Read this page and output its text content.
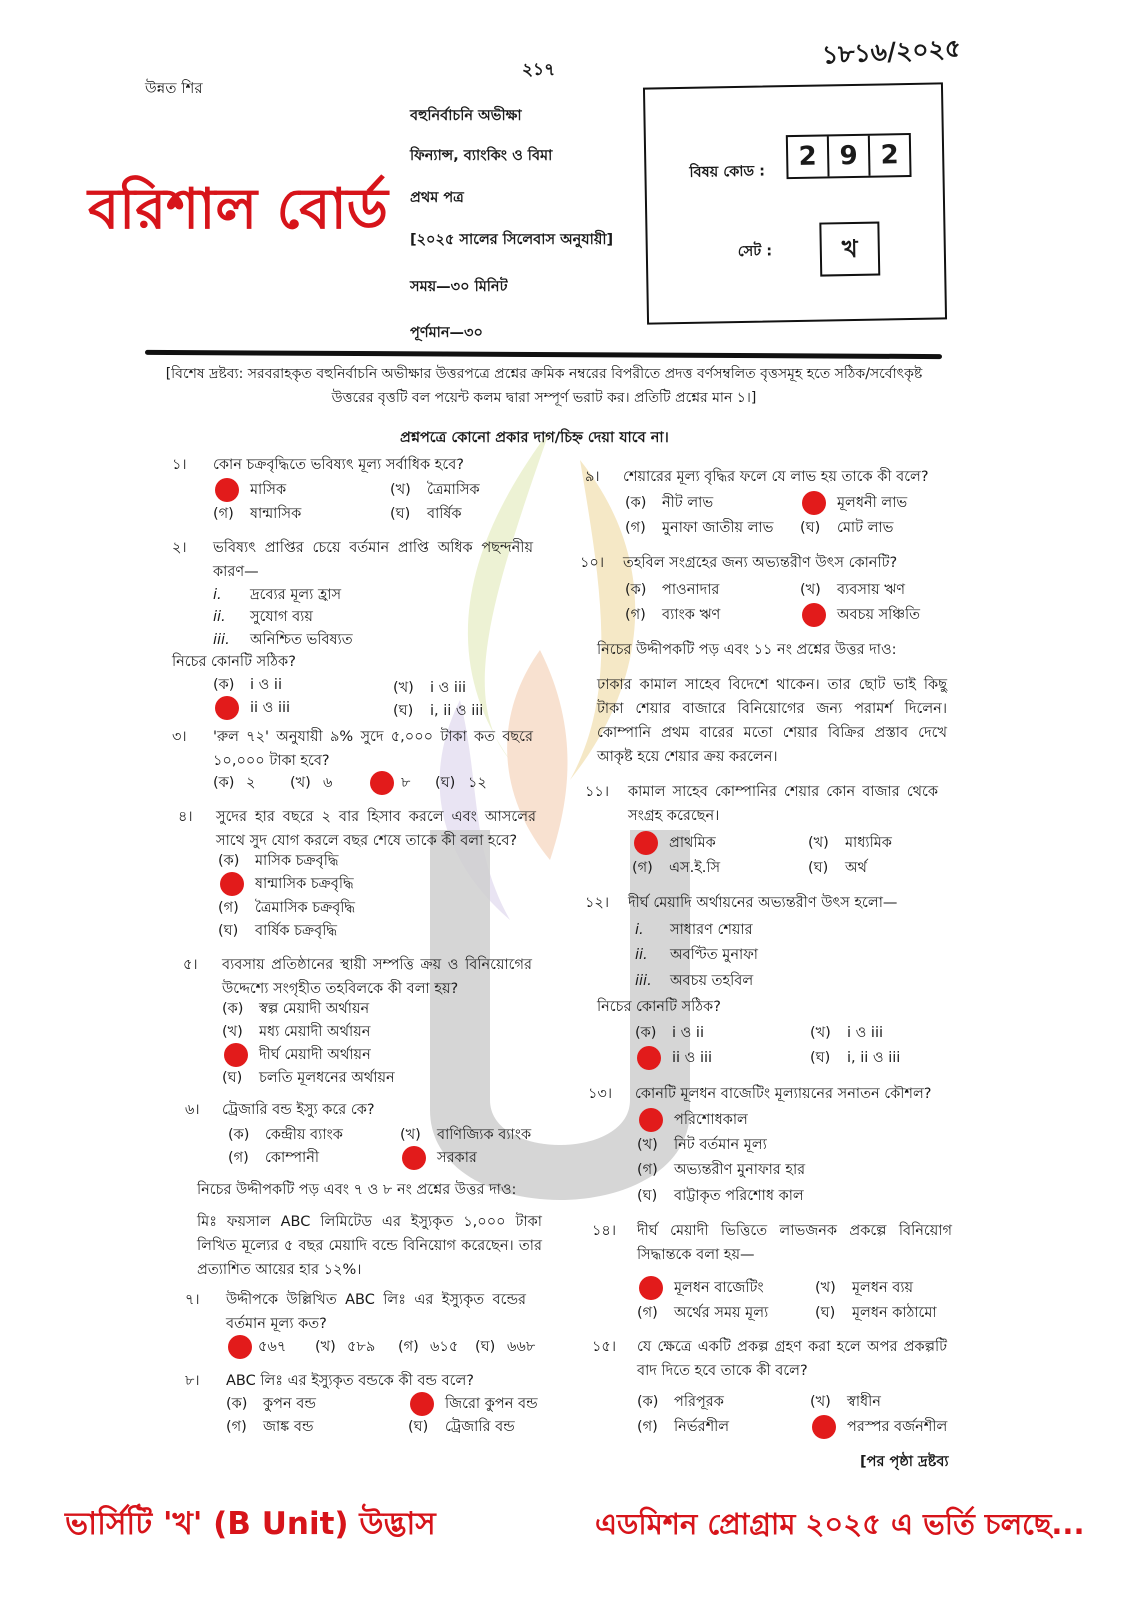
উন্নত শির
২১৭
১৮১৬/২০২৫
বরিশাল বোর্ড
বহুনির্বাচনি অভীক্ষা
ফিন্যান্স, ব্যাংকিং ও বিমা
প্রথম পত্র
[২০২৫ সালের সিলেবাস অনুযায়ী]
সময়—৩০ মিনিট
পূর্ণমান—৩০
বিষয় কোড :
2 9 2
সেট :	খ
[বিশেষ দ্রষ্টব্য: সরবরাহকৃত বহুনির্বাচনি অভীক্ষার উত্তরপত্রে প্রশ্নের ক্রমিক নম্বরের বিপরীতে প্রদত্ত বর্ণসম্বলিত বৃত্তসমূহ হতে সঠিক/সর্বোৎকৃষ্ট উত্তরের বৃত্তটি বল পয়েন্ট কলম দ্বারা সম্পূর্ণ ভরাট কর। প্রতিটি প্রশ্নের মান ১।]
প্রশ্নপত্রে কোনো প্রকার দাগ/চিহ্ন দেয়া যাবে না।
১। কোন চক্রবৃদ্ধিতে ভবিষ্যৎ মূল্য সর্বাধিক হবে?
মাসিক	(খ) ত্রৈমাসিক
(গ) ষান্মাসিক	(ঘ) বার্ষিক
২। ভবিষ্যৎ প্রাপ্তির চেয়ে বর্তমান প্রাপ্তি অধিক পছন্দনীয় কারণ—
i. দ্রব্যের মূল্য হ্রাস
ii. সুযোগ ব্যয়
iii. অনিশ্চিত ভবিষ্যত
নিচের কোনটি সঠিক?
(ক) i ও ii	(খ) i ও iii
ii ও iii	(ঘ) i, ii ও iii
৩। 'রুল ৭২' অনুযায়ী ৯% সুদে ৫,০০০ টাকা কত বছরে ১০,০০০ টাকা হবে?
(ক) ২ (খ) ৬	৮ (ঘ) ১২
৪। সুদের হার বছরে ২ বার হিসাব করলে এবং আসলের সাথে সুদ যোগ করলে বছর শেষে তাকে কী বলা হবে?
(ক) মাসিক চক্রবৃদ্ধি
ষান্মাসিক চক্রবৃদ্ধি
(গ) ত্রৈমাসিক চক্রবৃদ্ধি
(ঘ) বার্ষিক চক্রবৃদ্ধি
৫। ব্যবসায় প্রতিষ্ঠানের স্থায়ী সম্পত্তি ক্রয় ও বিনিয়োগের উদ্দেশ্যে সংগৃহীত তহবিলকে কী বলা হয়?
(ক) স্বল্প মেয়াদী অর্থায়ন
(খ) মধ্য মেয়াদী অর্থায়ন
দীর্ঘ মেয়াদী অর্থায়ন
(ঘ) চলতি মূলধনের অর্থায়ন
৬। ট্রেজারি বন্ড ইস্যু করে কে?
(ক) কেন্দ্রীয় ব্যাংক	(খ) বাণিজ্যিক ব্যাংক
(গ) কোম্পানী	সরকার
৭। উদ্দীপকে উল্লিখিত ABC লিঃ এর ইস্যুকৃত বন্ডের বর্তমান মূল্য কত?
৫৬৭ (খ) ৫৮৯ (গ) ৬১৫ (ঘ) ৬৬৮
৮। ABC লিঃ এর ইস্যুকৃত বন্ডকে কী বন্ড বলে?
(ক) কুপন বন্ড	জিরো কুপন বন্ড
(গ) জাঙ্ক বন্ড	(ঘ) ট্রেজারি বন্ড
৯। শেয়ারের মূল্য বৃদ্ধির ফলে যে লাভ হয় তাকে কী বলে?
(ক) নীট লাভ	মূলধনী লাভ
(গ) মুনাফা জাতীয় লাভ (ঘ) মোট লাভ
১০। তহবিল সংগ্রহের জন্য অভ্যন্তরীণ উৎস কোনটি?
(ক) পাওনাদার	(খ) ব্যবসায় ঋণ
(গ) ব্যাংক ঋণ	অবচয় সঞ্চিতি
১১। কামাল সাহেব কোম্পানির শেয়ার কোন বাজার থেকে সংগ্রহ করেছেন।
প্রাথমিক	(খ) মাধ্যমিক
(গ) এস.ই.সি	(ঘ) অর্থ
১২। দীর্ঘ মেয়াদি অর্থায়নের অভ্যন্তরীণ উৎস হলো—
i. সাধারণ শেয়ার
ii. অবণ্টিত মুনাফা
iii. অবচয় তহবিল
নিচের কোনটি সঠিক?
(ক) i ও ii	(খ) i ও iii
ii ও iii	(ঘ) i, ii ও iii
১৩। কোনটি মূলধন বাজেটিং মূল্যায়নের সনাতন কৌশল?
পরিশোধকাল
(খ) নিট বর্তমান মূল্য
(গ) অভ্যন্তরীণ মুনাফার হার
(ঘ) বাট্টাকৃত পরিশোধ কাল
১৪। দীর্ঘ মেয়াদী ভিত্তিতে লাভজনক প্রকল্পে বিনিয়োগ সিদ্ধান্তকে বলা হয়—
মূলধন বাজেটিং	(খ) মূলধন ব্যয়
(গ) অর্থের সময় মূল্য	(ঘ) মূলধন কাঠামো
১৫। যে ক্ষেত্রে একটি প্রকল্প গ্রহণ করা হলে অপর প্রকল্পটি বাদ দিতে হবে তাকে কী বলে?
(ক) পরিপূরক	(খ) স্বাধীন
(গ) নির্ভরশীল	পরস্পর বর্জনশীল
নিচের উদ্দীপকটি পড় এবং ৭ ও ৮ নং প্রশ্নের উত্তর দাও:
মিঃ ফয়সাল ABC লিমিটেড এর ইস্যুকৃত ১,০০০ টাকা লিখিত মূল্যের ৫ বছর মেয়াদি বন্ডে বিনিয়োগ করেছেন। তার প্রত্যাশিত আয়ের হার ১২%।
নিচের উদ্দীপকটি পড় এবং ১১ নং প্রশ্নের উত্তর দাও:
ঢাকার কামাল সাহেব বিদেশে থাকেন। তার ছোট ভাই কিছু টাকা শেয়ার বাজারে বিনিয়োগের জন্য পরামর্শ দিলেন। কোম্পানি প্রথম বারের মতো শেয়ার বিক্রির প্রস্তাব দেখে আকৃষ্ট হয়ে শেয়ার ক্রয় করলেন।
[পর পৃষ্ঠা দ্রষ্টব্য
ভার্সিটি 'খ' (B Unit) উদ্ভাস	এডমিশন প্রোগ্রাম ২০২৫ এ ভর্তি চলছে...
